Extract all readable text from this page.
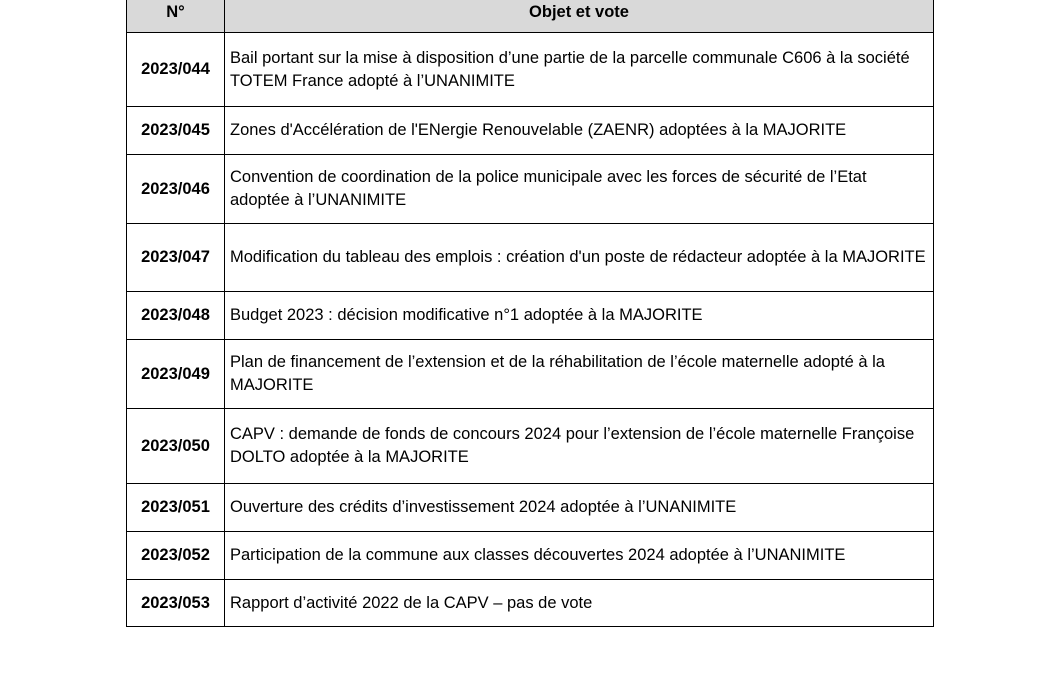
N°	Objet et vote
2023/044	Bail portant sur la mise à disposition d’une partie de la parcelle communale C606 à la société TOTEM France adopté à l’UNANIMITE
2023/045	Zones d'Accélération de l'ENergie Renouvelable (ZAENR) adoptées à la MAJORITE
2023/046	Convention de coordination de la police municipale avec les forces de sécurité de l’Etat adoptée à l’UNANIMITE
2023/047	Modification du tableau des emplois : création d'un poste de rédacteur adoptée à la MAJORITE
2023/048	Budget 2023 : décision modificative n°1 adoptée à la MAJORITE
2023/049	Plan de financement de l’extension et de la réhabilitation de l’école maternelle adopté à la MAJORITE
2023/050	CAPV : demande de fonds de concours 2024 pour l’extension de l’école maternelle Françoise DOLTO adoptée à la MAJORITE
2023/051	Ouverture des crédits d’investissement 2024 adoptée à l’UNANIMITE
2023/052	Participation de la commune aux classes découvertes 2024 adoptée à l’UNANIMITE
2023/053	Rapport d’activité 2022 de la CAPV – pas de vote
